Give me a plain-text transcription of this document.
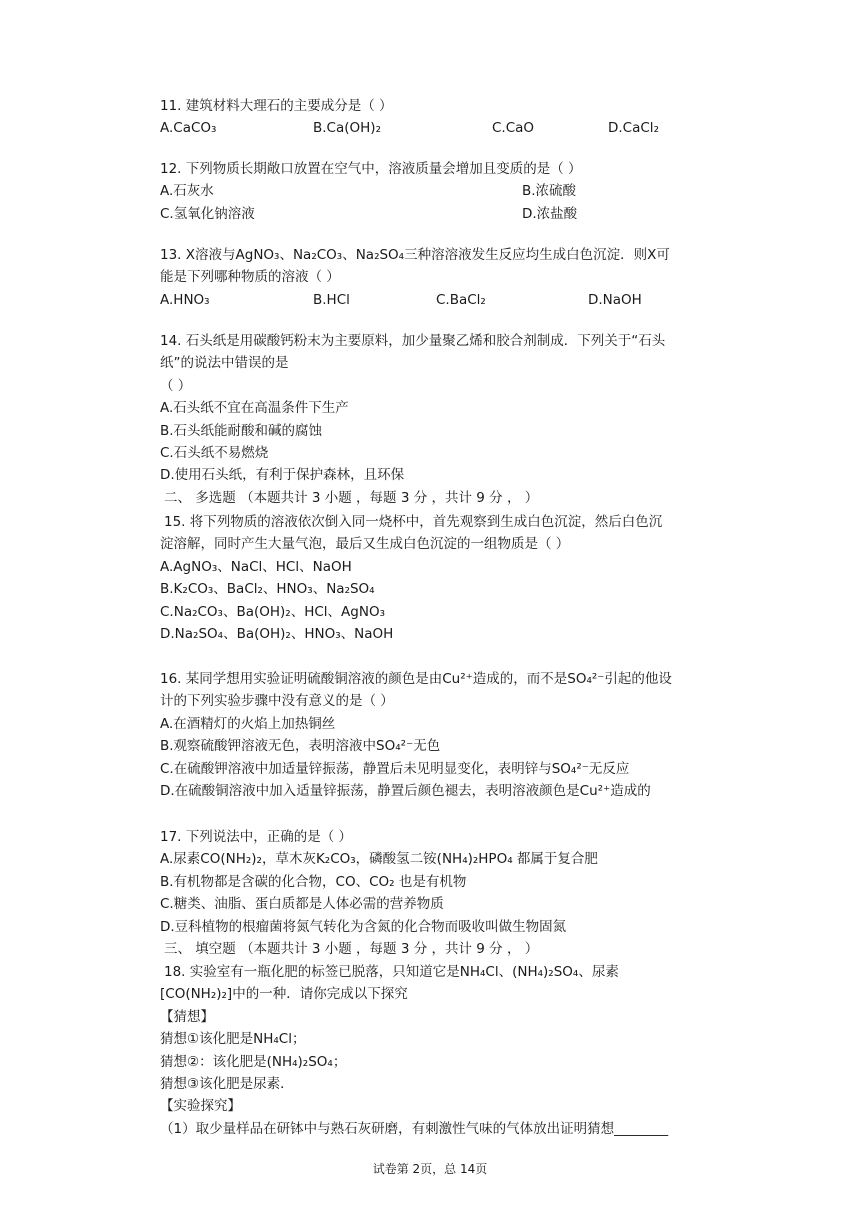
11. 建筑材料大理石的主要成分是（ ）
A.CaCO₃	B.Ca(OH)₂	C.CaO	D.CaCl₂
12. 下列物质长期敞口放置在空气中，溶液质量会增加且变质的是（ ）
A.石灰水	B.浓硫酸
C.氢氧化钠溶液	D.浓盐酸
13. X溶液与AgNO₃、Na₂CO₃、Na₂SO₄三种溶溶液发生反应均生成白色沉淀．则X可
能是下列哪种物质的溶液（ ）
A.HNO₃	B.HCl	C.BaCl₂	D.NaOH
14. 石头纸是用碳酸钙粉末为主要原料，加少量聚乙烯和胶合剂制成．下列关于“石头
纸”的说法中错误的是
（ ）
A.石头纸不宜在高温条件下生产
B.石头纸能耐酸和碱的腐蚀
C.石头纸不易燃烧
D.使用石头纸，有利于保护森林，且环保
二、 多选题 （本题共计 3 小题 ，每题 3 分 ，共计 9 分 ， ）
15. 将下列物质的溶液依次倒入同一烧杯中，首先观察到生成白色沉淀，然后白色沉
淀溶解，同时产生大量气泡，最后又生成白色沉淀的一组物质是（ ）
A.AgNO₃、NaCl、HCl、NaOH
B.K₂CO₃、BaCl₂、HNO₃、Na₂SO₄
C.Na₂CO₃、Ba(OH)₂、HCl、AgNO₃
D.Na₂SO₄、Ba(OH)₂、HNO₃、NaOH
16. 某同学想用实验证明硫酸铜溶液的颜色是由Cu²⁺造成的，而不是SO₄²⁻引起的他设
计的下列实验步骤中没有意义的是（ ）
A.在酒精灯的火焰上加热铜丝
B.观察硫酸钾溶液无色，表明溶液中SO₄²⁻无色
C.在硫酸钾溶液中加适量锌振荡，静置后未见明显变化，表明锌与SO₄²⁻无反应
D.在硫酸铜溶液中加入适量锌振荡，静置后颜色褪去，表明溶液颜色是Cu²⁺造成的
17. 下列说法中，正确的是（ ）
A.尿素CO(NH₂)₂，草木灰K₂CO₃，磷酸氢二铵(NH₄)₂HPO₄ 都属于复合肥
B.有机物都是含碳的化合物，CO、CO₂ 也是有机物
C.糖类、油脂、蛋白质都是人体必需的营养物质
D.豆科植物的根瘤菌将氮气转化为含氮的化合物而吸收叫做生物固氮
三、 填空题 （本题共计 3 小题 ，每题 3 分 ，共计 9 分 ， ）
18. 实验室有一瓶化肥的标签已脱落，只知道它是NH₄Cl、(NH₄)₂SO₄、尿素
[CO(NH₂)₂]中的一种．请你完成以下探究
【猜想】
猜想①该化肥是NH₄Cl；
猜想②：该化肥是(NH₄)₂SO₄；
猜想③该化肥是尿素．
【实验探究】
（1）取少量样品在研钵中与熟石灰研磨，有刺激性气味的气体放出证明猜想________
试卷第 2页，总 14页
